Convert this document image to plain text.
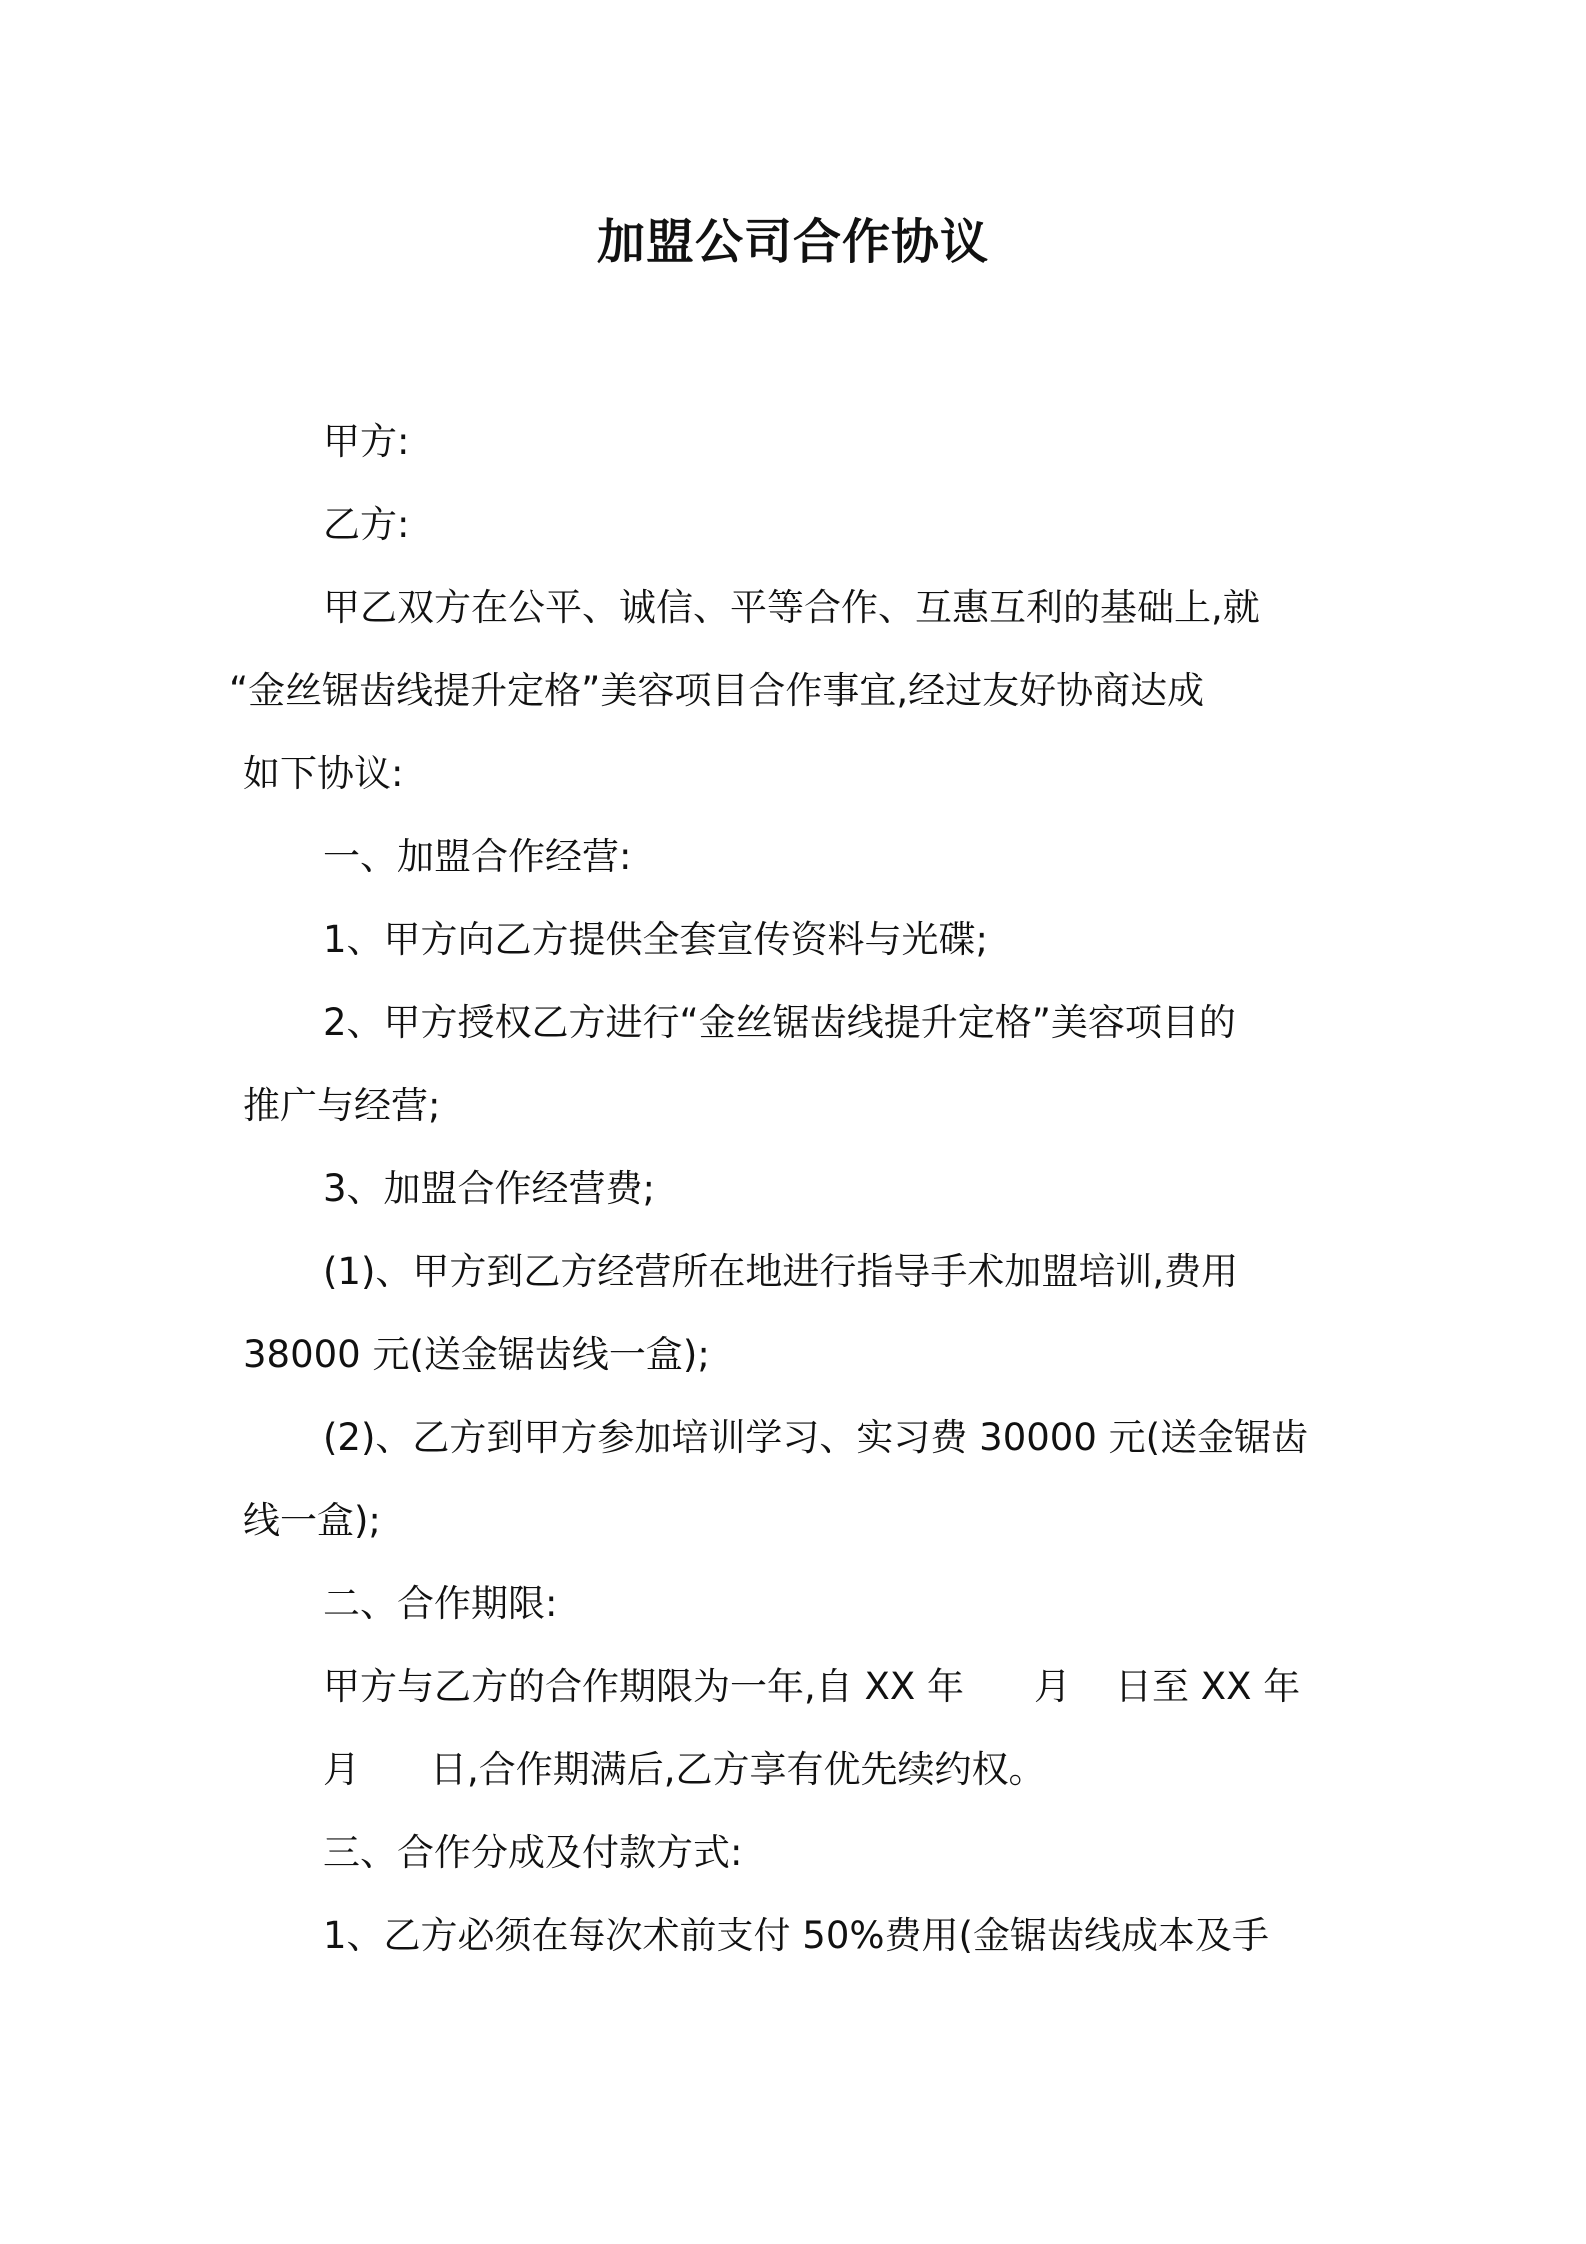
加盟公司合作协议
甲方:
乙方:
甲乙双方在公平、诚信、平等合作、互惠互利的基础上,就
“金丝锯齿线提升定格”美容项目合作事宜,经过友好协商达成
如下协议:
一、加盟合作经营:
1、甲方向乙方提供全套宣传资料与光碟;
2、甲方授权乙方进行“金丝锯齿线提升定格”美容项目的
推广与经营;
3、加盟合作经营费;
(1)、甲方到乙方经营所在地进行指导手术加盟培训,费用
38000 元(送金锯齿线一盒);
(2)、乙方到甲方参加培训学习、实习费 30000 元(送金锯齿
线一盒);
二、合作期限:
甲方与乙方的合作期限为一年,自 XX 年 月 日至 XX 年
月 日,合作期满后,乙方享有优先续约权。
三、合作分成及付款方式:
1、乙方必须在每次术前支付 50%费用(金锯齿线成本及手
